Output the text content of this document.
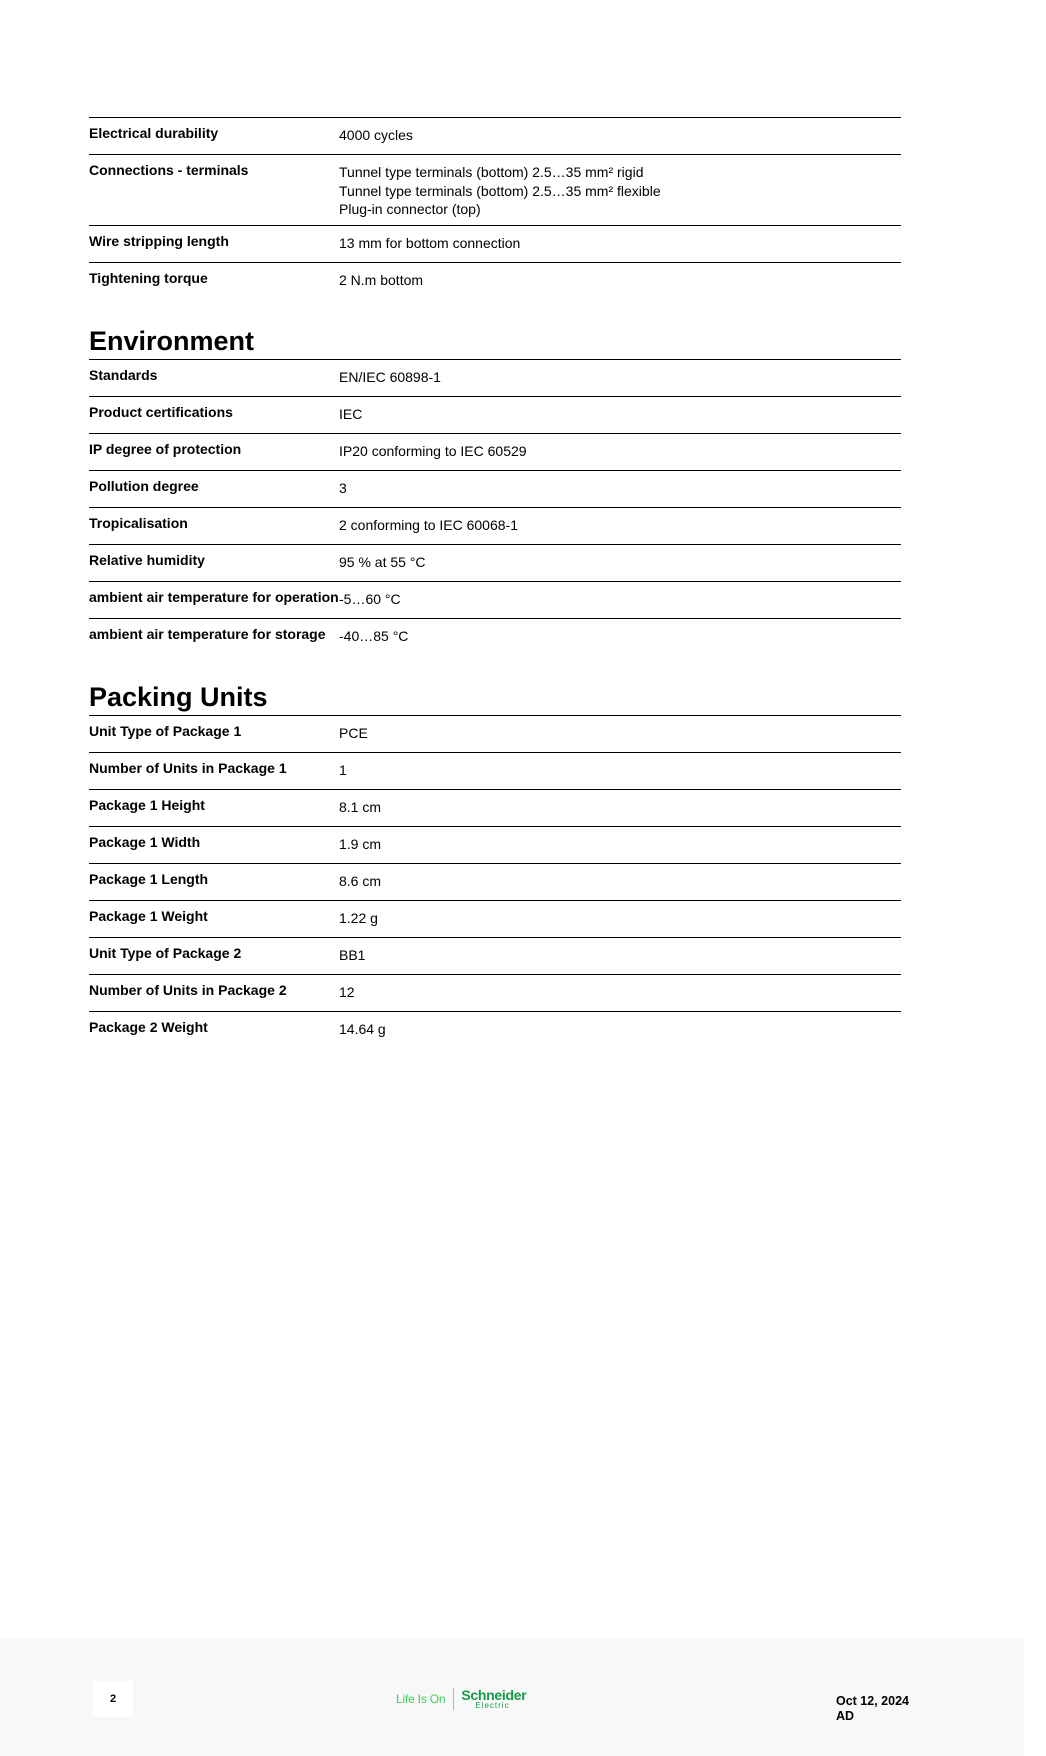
Electrical durability	4000 cycles
Connections - terminals	Tunnel type terminals (bottom) 2.5…35 mm² rigid
Tunnel type terminals (bottom) 2.5…35 mm² flexible
Plug-in connector (top)
Wire stripping length	13 mm for bottom connection
Tightening torque	2 N.m bottom
Environment
Standards	EN/IEC 60898-1
Product certifications	IEC
IP degree of protection	IP20 conforming to IEC 60529
Pollution degree	3
Tropicalisation	2 conforming to IEC 60068-1
Relative humidity	95 % at 55 °C
ambient air temperature for operation -5…60 °C
ambient air temperature for storage -40…85 °C
Packing Units
Unit Type of Package 1	PCE
Number of Units in Package 1	1
Package 1 Height	8.1 cm
Package 1 Width	1.9 cm
Package 1 Length	8.6 cm
Package 1 Weight	1.22 g
Unit Type of Package 2	BB1
Number of Units in Package 2	12
Package 2 Weight	14.64 g
2	Life Is On Schneider
Electric	Oct 12, 2024
AD
